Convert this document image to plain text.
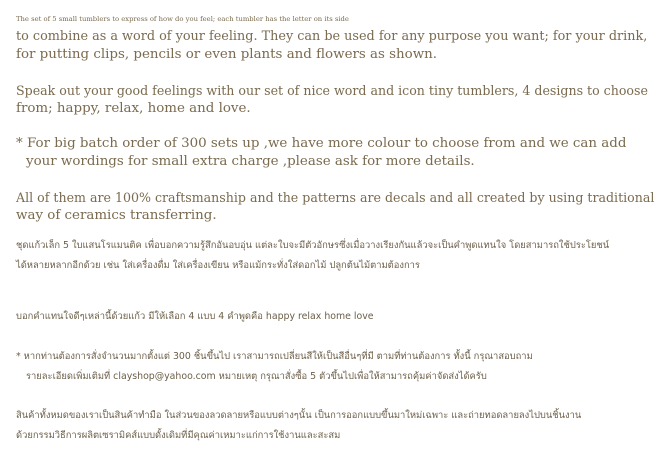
The set of 5 small tumblers to express of how do you feel; each tumbler has the letter on its side

to combine as a word of your feeling. They can be used for any purpose you want; for your drink,

for putting clips, pencils or even plants and flowers as shown.

Speak out your good feelings with our set of nice word and icon tiny tumblers, 4 designs to choose

from; happy, relax, home and love.

* For big batch order of 300 sets up ,we have more colour to choose from and we can add

your wordings for small extra charge ,please ask for more details.

All of them are 100% craftsmanship and the patterns are decals and all created by using traditional

way of ceramics transferring.

ชุดแก้วเล็ก 5 ใบแสนโรแมนติค เพื่อบอกความรู้สึกอันอบอุ่น แต่ละใบจะมีตัวอักษรซึ่งเมื่อวางเรียงกันแล้วจะเป็นคำพูดแทนใจ โดยสามารถใช้ประโยชน์

ได้หลายหลากอีกด้วย เช่น ใส่เครื่องดื่ม ใส่เครื่องเขียน หรือแม้กระทั่งใส่ดอกไม้ ปลูกต้นไม้ตามต้องการ

บอกคำแทนใจดีๆเหล่านี้ด้วยแก้ว มีให้เลือก 4 แบบ 4 คำพูดคือ happy relax home love

* หากท่านต้องการสั่งจำนวนมากตั้งแต่ 300 ชิ้นขึ้นไป เราสามารถเปลี่ยนสีให้เป็นสีอื่นๆที่มี ตามที่ท่านต้องการ ทั้งนี้ กรุณาสอบถาม

รายละเอียดเพิ่มเติมที่ clayshop@yahoo.com หมายเหตุ กรุณาสั่งซื้อ 5 ตัวขึ้นไปเพื่อให้สามารถคุ้มค่าจัดส่งได้ครับ

สินค้าทั้งหมดของเราเป็นสินค้าทำมือ ในส่วนของลวดลายหรือแบบต่างๆนั้น เป็นการออกแบบขึ้นมาใหม่เฉพาะ และถ่ายทอดลายลงไปบนชิ้นงาน

ด้วยกรรมวิธีการผลิตเซรามิคส์แบบดั้งเดิมที่มีคุณค่าเหมาะแก่การใช้งานและสะสม
